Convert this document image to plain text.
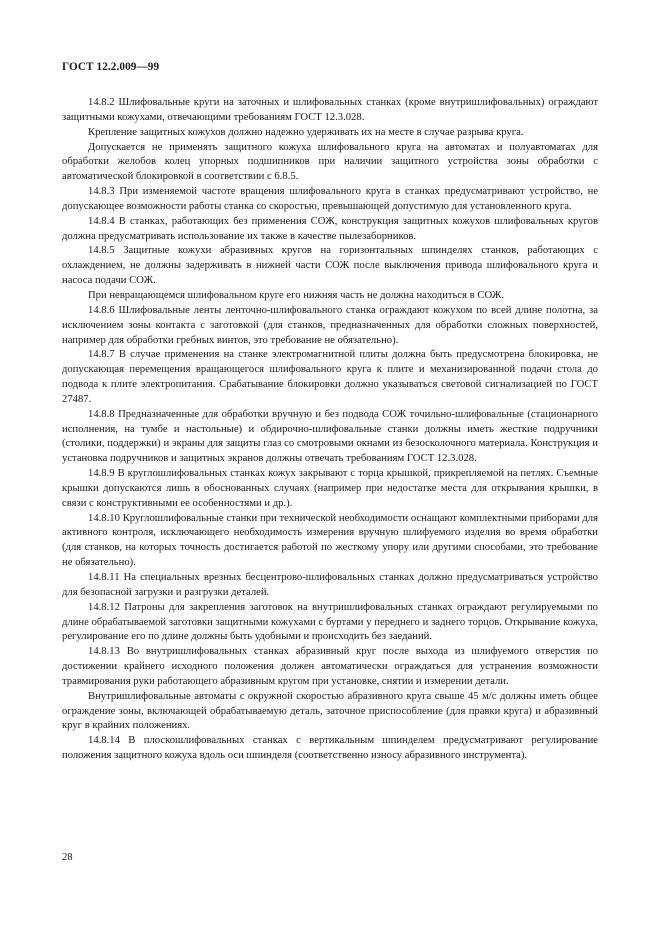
ГОСТ 12.2.009—99

14.8.2 Шлифовальные круги на заточных и шлифовальных станках (кроме внутришлифовальных) ограждают защитными кожухами, отвечающими требованиям ГОСТ 12.3.028.

Крепление защитных кожухов должно надежно удерживать их на месте в случае разрыва круга.

Допускается не применять защитного кожуха шлифовального круга на автоматах и полуавтоматах для обработки желобов колец упорных подшипников при наличии защитного устройства зоны обработки с автоматической блокировкой в соответствии с 6.8.5.

14.8.3 При изменяемой частоте вращения шлифовального круга в станках предусматривают устройство, не допускающее возможности работы станка со скоростью, превышающей допустимую для установленного круга.

14.8.4 В станках, работающих без применения СОЖ, конструкция защитных кожухов шлифовальных кругов должна предусматривать использование их также в качестве пылезаборников.

14.8.5 Защитные кожухи абразивных кругов на горизонтальных шпинделях станков, работающих с охлаждением, не должны задерживать в нижней части СОЖ после выключения привода шлифовального круга и насоса подачи СОЖ.

При невращающемся шлифовальном круге его нижняя часть не должна находиться в СОЖ.

14.8.6 Шлифовальные ленты ленточно-шлифовального станка ограждают кожухом по всей длине полотна, за исключением зоны контакта с заготовкой (для станков, предназначенных для обработки сложных поверхностей, например для обработки гребных винтов, это требование не обязательно).

14.8.7 В случае применения на станке электромагнитной плиты должна быть предусмотрена блокировка, не допускающая перемещения вращающегося шлифовального круга к плите и механизированной подачи стола до подвода к плите электропитания. Срабатывание блокировки должно указываться световой сигнализацией по ГОСТ 27487.

14.8.8 Предназначенные для обработки вручную и без подвода СОЖ точильно-шлифовальные (стационарного исполнения, на тумбе и настольные) и обдирочно-шлифовальные станки должны иметь жесткие подручники (столики, поддержки) и экраны для защиты глаз со смотровыми окнами из безосколочного материала. Конструкция и установка подручников и защитных экранов должны отвечать требованиям ГОСТ 12.3.028.

14.8.9 В круглошлифовальных станках кожух закрывают с торца крышкой, прикрепляемой на петлях. Съемные крышки допускаются лишь в обоснованных случаях (например при недостатке места для открывания крышки, в связи с конструктивными ее особенностями и др.).

14.8.10 Круглошлифовальные станки при технической необходимости оснащают комплектными приборами для активного контроля, исключающего необходимость измерения вручную шлифуемого изделия во время обработки (для станков, на которых точность достигается работой по жесткому упору или другими способами, это требование не обязательно).

14.8.11 На специальных врезных бесцентрово-шлифовальных станках должно предусматриваться устройство для безопасной загрузки и разгрузки деталей.

14.8.12 Патроны для закрепления заготовок на внутришлифовальных станках ограждают регулируемыми по длине обрабатываемой заготовки защитными кожухами с буртами у переднего и заднего торцов. Открывание кожуха, регулирование его по длине должны быть удобными и происходить без заеданий.

14.8.13 Во внутришлифовальных станках абразивный круг после выхода из шлифуемого отверстия по достижении крайнего исходного положения должен автоматически ограждаться для устранения возможности травмирования руки работающего абразивным кругом при установке, снятии и измерении детали.

Внутришлифовальные автоматы с окружной скоростью абразивного круга свыше 45 м/с должны иметь общее ограждение зоны, включающей обрабатываемую деталь, заточное приспособление (для правки круга) и абразивный круг в крайних положениях.

14.8.14 В плоскошлифовальных станках с вертикальным шпинделем предусматривают регулирование положения защитного кожуха вдоль оси шпинделя (соответственно износу абразивного инструмента).

28
